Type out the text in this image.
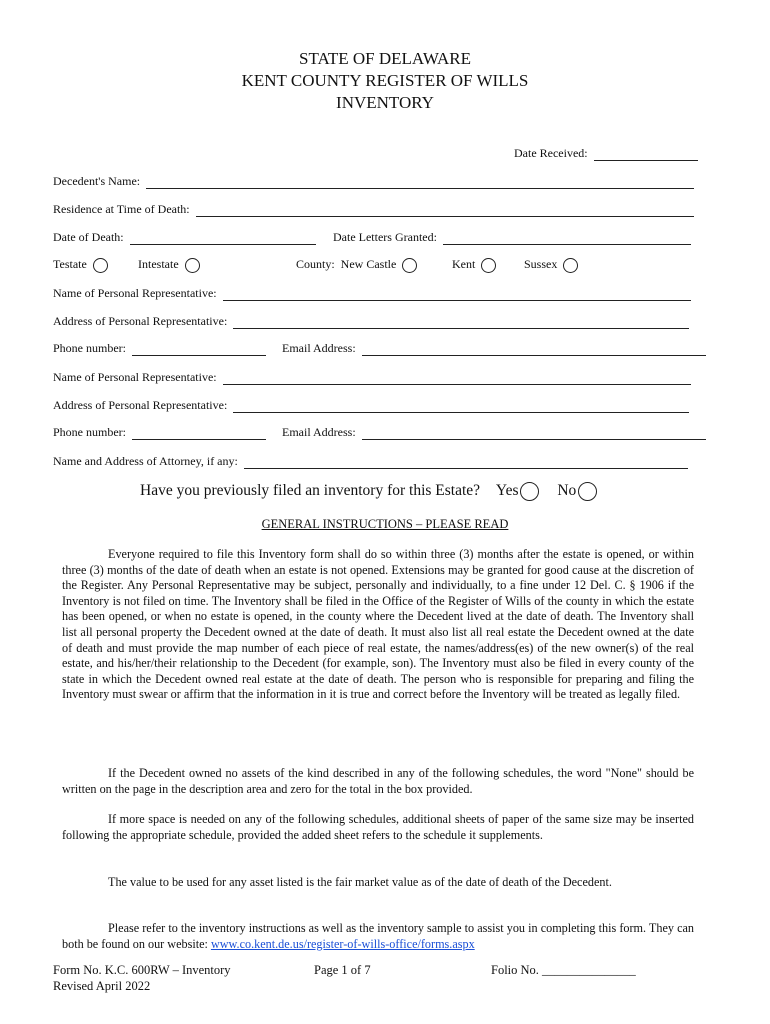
STATE OF DELAWARE
KENT COUNTY REGISTER OF WILLS
INVENTORY
Date Received:
Decedent's Name:
Residence at Time of Death:
Date of Death:	Date Letters Granted:
Testate	Intestate	County: New Castle	Kent	Sussex
Name of Personal Representative:
Address of Personal Representative:
Phone number:	Email Address:
Name of Personal Representative:
Address of Personal Representative:
Phone number:	Email Address:
Name and Address of Attorney, if any:
Have you previously filed an inventory for this Estate? Yes	No
GENERAL INSTRUCTIONS – PLEASE READ
Everyone required to file this Inventory form shall do so within three (3) months after the estate is opened, or within three (3) months of the date of death when an estate is not opened. Extensions may be granted for good cause at the discretion of the Register. Any Personal Representative may be subject, personally and individually, to a fine under 12 Del. C. § 1906 if the Inventory is not filed on time. The Inventory shall be filed in the Office of the Register of Wills of the county in which the estate has been opened, or when no estate is opened, in the county where the Decedent lived at the date of death. The Inventory shall list all personal property the Decedent owned at the date of death. It must also list all real estate the Decedent owned at the date of death and must provide the map number of each piece of real estate, the names/address(es) of the new owner(s) of the real estate, and his/her/their relationship to the Decedent (for example, son). The Inventory must also be filed in every county of the state in which the Decedent owned real estate at the date of death. The person who is responsible for preparing and filing the Inventory must swear or affirm that the information in it is true and correct before the Inventory will be treated as legally filed.
If the Decedent owned no assets of the kind described in any of the following schedules, the word "None" should be written on the page in the description area and zero for the total in the box provided.
If more space is needed on any of the following schedules, additional sheets of paper of the same size may be inserted following the appropriate schedule, provided the added sheet refers to the schedule it supplements.
The value to be used for any asset listed is the fair market value as of the date of death of the Decedent.
Please refer to the inventory instructions as well as the inventory sample to assist you in completing this form. They can both be found on our website: www.co.kent.de.us/register-of-wills-office/forms.aspx
Form No. K.C. 600RW – Inventory
Revised April 2022
Page 1 of 7	Folio No. _______________
